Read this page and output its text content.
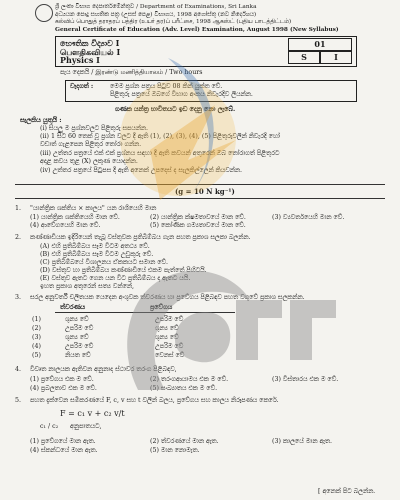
ශ්‍රී ලංකා විභාග දෙපාර්තමේන්තුව / Department of Examinations, Sri Lanka
අධ්‍යයන පොදු සහතික පත්‍ර (උසස් පෙළ) විභාගය, 1998 අගෝස්තු (නව නිර්දේශය)
கல்விப் பொதுத் தராதரப் பத்திர (உயர் தர)ப் பரீட்சை, 1998 ஆகஸ்ட் (புதிய பாடத்திட்டம்)
General Certificate of Education (Adv. Level) Examination, August 1998 (New Syllabus)
භෞතික විද්‍යාව I
பௌதிகவியல் I
Physics I
01
S	I
පැය දෙකයි / இரண்டு மணித்தியாலம் / Two hours
වැදගත් :	මෙම ප්‍රශ්න පත්‍රය පිටුව 08 කින් යුක්ත වේ.
පිළිතුරු පත්‍රයේ ඔබගේ විභාග අංකය නිවැරදිව ලියන්න.
ගණක යන්ත්‍ර භාවිතයට ඉඩ දෙනු නො ලැබේ.
සැලකිය යුතුයි :
(i) සියලු ම ප්‍රශ්නවලට පිළිතුරු සපයන්න.
(ii) 1 සිට 60 තෙක් වූ ප්‍රශ්න වලට දී ඇති (1), (2), (3), (4), (5) පිළිතුරුවලින් නිවැරදි හෝ
වඩාත් ගැළපෙන පිළිතුර තෝරා ගන්න.
(iii) උත්තර පත්‍රයේ එක් එක් ප්‍රශ්නය සඳහා දී ඇති කවයන් අතුරෙන් ඔබ තෝරාගත් පිළිතුරට
අදාළ කවය තුළ (X) ලකුණ යොදන්න.
(iv) උත්තර පත්‍රයේ පිටුපස දී ඇති අනෙක් උපදෙස් ද සැලකිල්ලෙන් කියවන්න.
(g = 10 N kg⁻¹)
1. "යාන්ත්‍රික ශක්තිය × කාලය" යන රාශියෙහි මාන
(1) යාන්ත්‍රික ශක්තියෙහි මාන වේ.	(2) යාන්ත්‍රික ක්ෂමතාවයේ මාන වේ.	(3) ව්‍යවර්තයෙහි මාන වේ.
(4) ආවේගයෙහි මාන වේ.	(5) කෝණික ගම්‍යතාවයේ මාන වේ.
2. කණ්ණාඩියක ඉදිරියෙන් තැබූ වස්තුවක ප්‍රතිබිම්බය ගැන පහත ප්‍රකාශ සලකා බලන්න.
(A) එහි ප්‍රතිබිම්බය සෑම විටම අතථ්‍ය වේ.
(B) එහි ප්‍රතිබිම්බය සෑම විටම උඩුකුරු වේ.
(C) ප්‍රතිබිම්බයේ විශාලනය ඒකකයට සමාන වේ.
(D) වස්තුව හා ප්‍රතිබිම්බය කණ්ණාඩියේ එකම පැත්තේ පිහිටයි.
(E) වස්තුව ඇතට ගෙන යන විට ප්‍රතිබිම්බය ද ඇතට යයි.
ඉහත ප්‍රකාශ අතුරෙන් සත්‍ය වන්නේ,
3. සරල අනුවර්තී චලිතයක යෙදෙන අංශුවක ත්වරණය හා ප්‍රවේගය පිළිබඳව පහත වගුවේ ප්‍රකාශ සලකන්න.
ත්වරණය	ප්‍රවේගය
(1)	ශුන්‍ය වේ	උපරිම වේ
(2)	උපරිම වේ	ශුන්‍ය වේ
(3)	ශුන්‍ය වේ	ශුන්‍ය වේ
(4)	උපරිම වේ	උපරිම වේ
(5)	නියත වේ	වෙනස් වේ
4. විවෘත නාලයක ඇතිවන අනුනාද ස්ථාවර තරංග පිළිබඳව,
(1) ප්‍රවේගය එක ම වේ.	(2) තරංගආයාමය එක ම වේ.	(3) විස්තාරය එක ම වේ.
(4) ප්‍රබලතාව එක ම වේ.	(5) සංඛ්‍යාතය එක ම වේ.
5. පහත දැක්වෙන සමීකරණයේ F, c, v සහ t වලින් බලය, ප්‍රවේගය සහ කාලය නිරූපණය කෙරේ.
F = c₁ v + c₂ v/t
c₁ / c₂ අනුපාතයට,
(1) ප්‍රවේගයේ මාන ඇත.	(2) ත්වරණයේ මාන ඇත.	(3) කාලයේ මාන ඇත.
(4) ස්කන්ධයේ මාන ඇත.	(5) මාන නොමැත.
[ අනෙක් පිට බලන්න.
